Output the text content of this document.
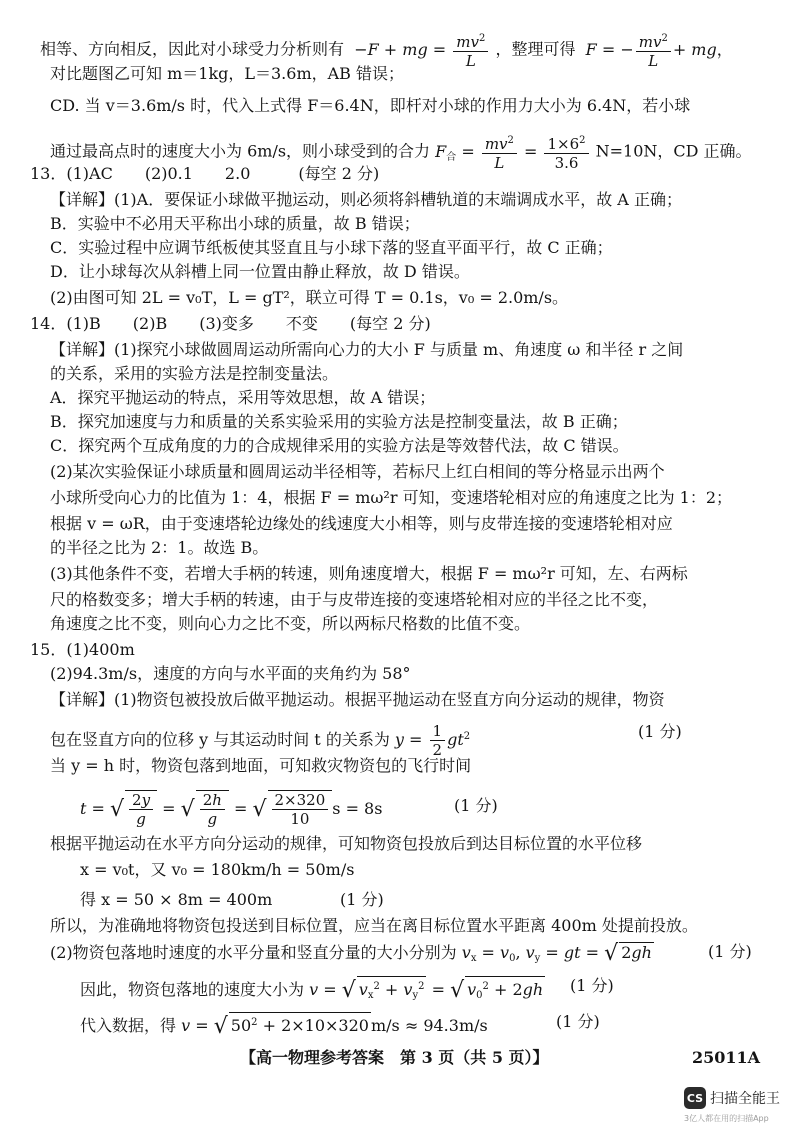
相等、方向相反，因此对小球受力分析则有  −F + mg = $\frac{mv^2}{L}$ ，整理可得  F = − $\frac{mv^2}{L}$ + mg，
对比题图乙可知 m＝1kg，L＝3.6m，AB 错误；
CD. 当 v＝3.6m/s 时，代入上式得 F＝6.4N，即杆对小球的作用力大小为 6.4N，若小球
通过最高点时的速度大小为 6m/s，则小球受到的合力 $F_合 = \frac{mv^2}{L} = \frac{1\times 6^2}{3.6} N=10N$，CD 正确。
13．(1)AC　　(2)0.1　　2.0　　　(每空 2 分)
【详解】(1)A．要保证小球做平抛运动，则必须将斜槽轨道的末端调成水平，故 A 正确；
B．实验中不必用天平称出小球的质量，故 B 错误；
C．实验过程中应调节纸板使其竖直且与小球下落的竖直平面平行，故 C 正确；
D．让小球每次从斜槽上同一位置由静止释放，故 D 错误。
(2)由图可知 2L = v₀T，L = gT²，联立可得 T = 0.1s，v₀ = 2.0m/s。
14．(1)B　　(2)B　　(3)变多　　不变　　(每空 2 分)
【详解】(1)探究小球做圆周运动所需向心力的大小 F 与质量 m、角速度 ω 和半径 r 之间
的关系，采用的实验方法是控制变量法。
A．探究平抛运动的特点，采用等效思想，故 A 错误；
B．探究加速度与力和质量的关系实验采用的实验方法是控制变量法，故 B 正确；
C．探究两个互成角度的力的合成规律采用的实验方法是等效替代法，故 C 错误。
(2)某次实验保证小球质量和圆周运动半径相等，若标尺上红白相间的等分格显示出两个
小球所受向心力的比值为 1：4，根据 F = mω²r 可知，变速塔轮相对应的角速度之比为 1：2；
根据 v = ωR，由于变速塔轮边缘处的线速度大小相等，则与皮带连接的变速塔轮相对应
的半径之比为 2：1。故选 B。
(3)其他条件不变，若增大手柄的转速，则角速度增大，根据 F = mω²r 可知，左、右两标
尺的格数变多；增大手柄的转速，由于与皮带连接的变速塔轮相对应的半径之比不变，
角速度之比不变，则向心力之比不变，所以两标尺格数的比值不变。
15．(1)400m
(2)94.3m/s，速度的方向与水平面的夹角约为 58°
【详解】(1)物资包被投放后做平抛运动。根据平抛运动在竖直方向分运动的规律，物资
包在竖直方向的位移 y 与其运动时间 t 的关系为 $y = \frac{1}{2} gt^2$	(1 分)
当 y = h 时，物资包落到地面，可知救灾物资包的飞行时间
t = √ $\frac{2y}{g}$ = √ $\frac{2h}{g}$ = √ $\frac{2\times 320}{10}$ s = 8s	(1 分)
根据平抛运动在水平方向分运动的规律，可知物资包投放后到达目标位置的水平位移
x = v₀t，又 v₀ = 180km/h = 50m/s
得 x = 50 × 8m = 400m	(1 分)
所以，为准确地将物资包投送到目标位置，应当在离目标位置水平距离 400m 处提前投放。
(2)物资包落地时速度的水平分量和竖直分量的大小分别为 $v_x = v_0$, $v_y$ = gt = √ 2gh	(1 分)
因此，物资包落地的速度大小为 v = √ $v_x^2 + v_y^2$ = √ $v_0^2 + 2gh$ (1 分)
代入数据，得 v = √ $50^2 + 2\times 10\times 320$ m/s ≈ 94.3m/s	(1 分)
【高一物理参考答案　第 3 页（共 5 页）】	25011A
CS 扫描全能王
3亿人都在用的扫描App
